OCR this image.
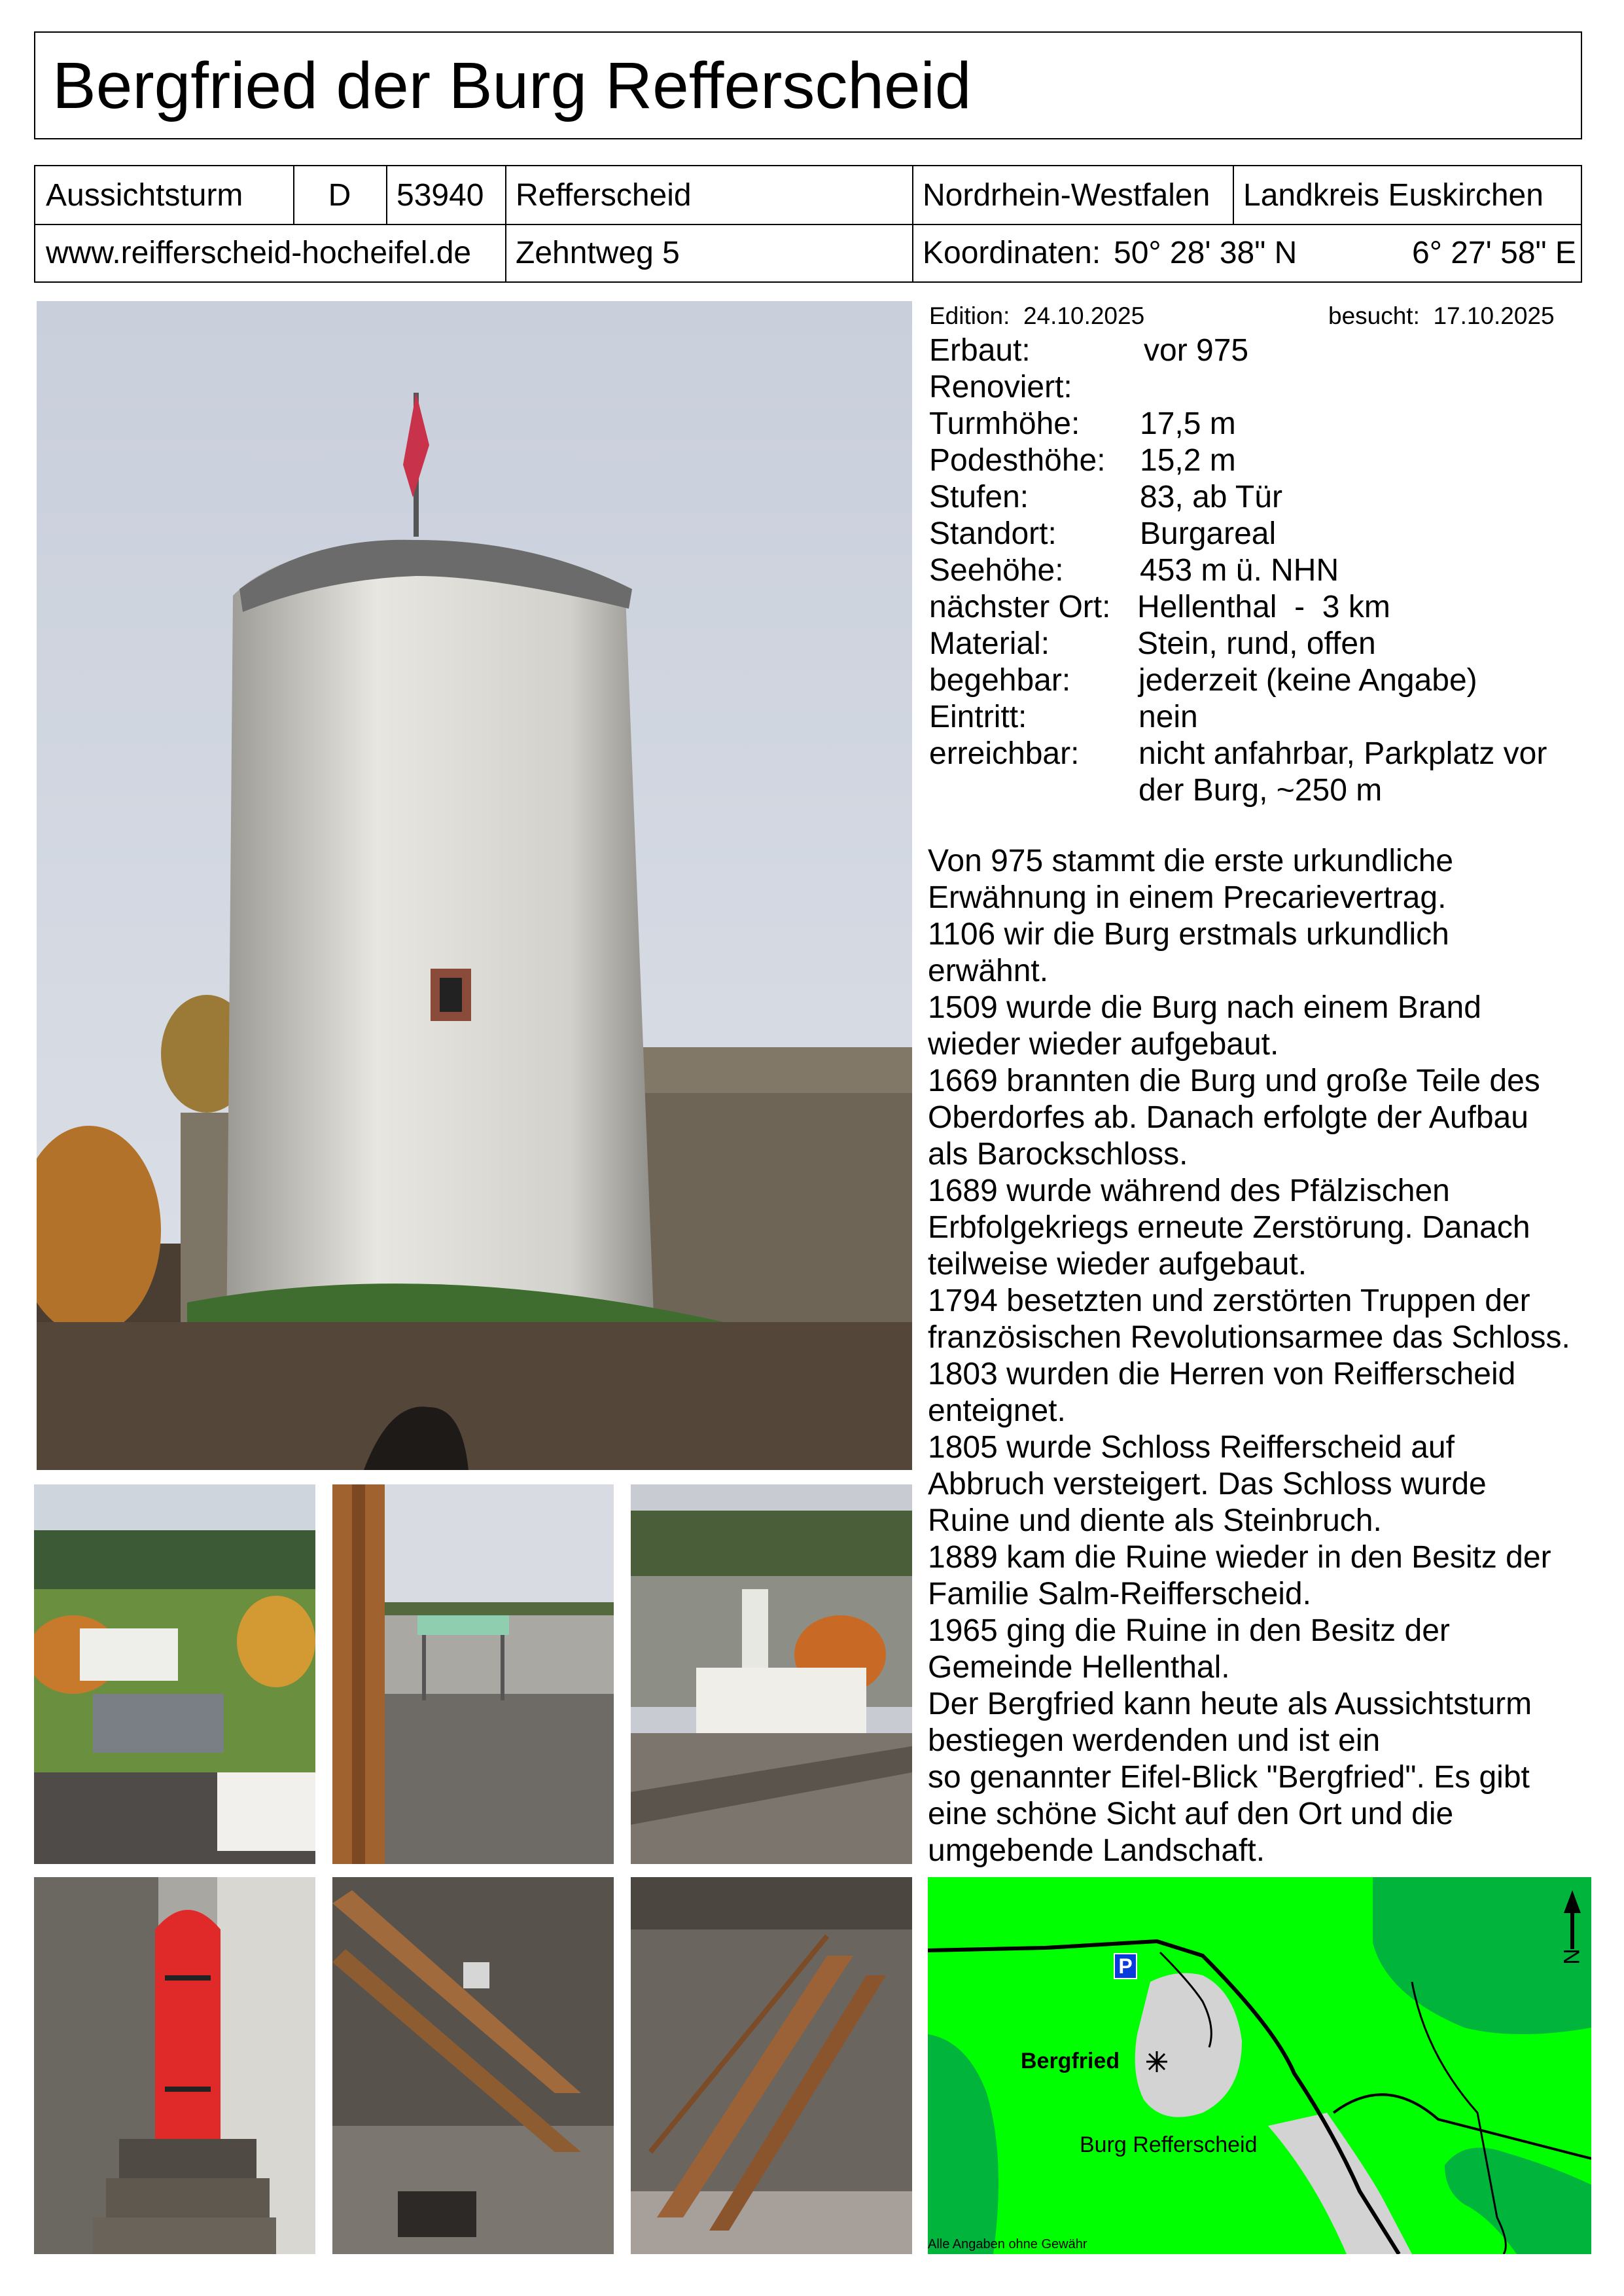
Bergfried der Burg Refferscheid
Aussichtsturm	D	53940	Refferscheid	Nordrhein-Westfalen	Landkreis Euskirchen
www.reifferscheid-hocheifel.de	Zehntweg 5	Koordinaten: 50° 28' 38" N	6° 27' 58" E
Edition: 24.10.2025	besucht: 17.10.2025
Erbaut:	vor 975
Renoviert:
Turmhöhe: 17,5 m
Podesthöhe: 15,2 m
Stufen:	83, ab Tür
Standort:	Burgareal
Seehöhe: 453 m ü. NHN
nächster Ort: Hellenthal  -  3 km
Material:	Stein, rund, offen
begehbar: jederzeit (keine Angabe)
Eintritt:	nein
erreichbar: nicht anfahrbar, Parkplatz vor
der Burg, ~250 m

Von 975 stammt die erste urkundliche

Erwähnung in einem Precarievertrag.

1106 wir die Burg erstmals urkundlich

erwähnt.

1509 wurde die Burg nach einem Brand

wieder wieder aufgebaut.

1669 brannten die Burg und große Teile des

Oberdorfes ab. Danach erfolgte der Aufbau

als Barockschloss.

1689 wurde während des Pfälzischen

Erbfolgekriegs erneute Zerstörung. Danach

teilweise wieder aufgebaut.

1794 besetzten und zerstörten Truppen der

französischen Revolutionsarmee das Schloss.

1803 wurden die Herren von Reifferscheid

enteignet.

1805 wurde Schloss Reifferscheid auf

Abbruch versteigert. Das Schloss wurde

Ruine und diente als Steinbruch.

1889 kam die Ruine wieder in den Besitz der

Familie Salm-Reifferscheid.

1965 ging die Ruine in den Besitz der

Gemeinde Hellenthal.

Der Bergfried kann heute als Aussichtsturm

bestiegen werdenden und ist ein

so genannter Eifel-Blick "Bergfried". Es gibt

eine schöne Sicht auf den Ort und die

umgebende Landschaft.

P
Bergfried
Burg Refferscheid
N
Alle Angaben ohne Gewähr
